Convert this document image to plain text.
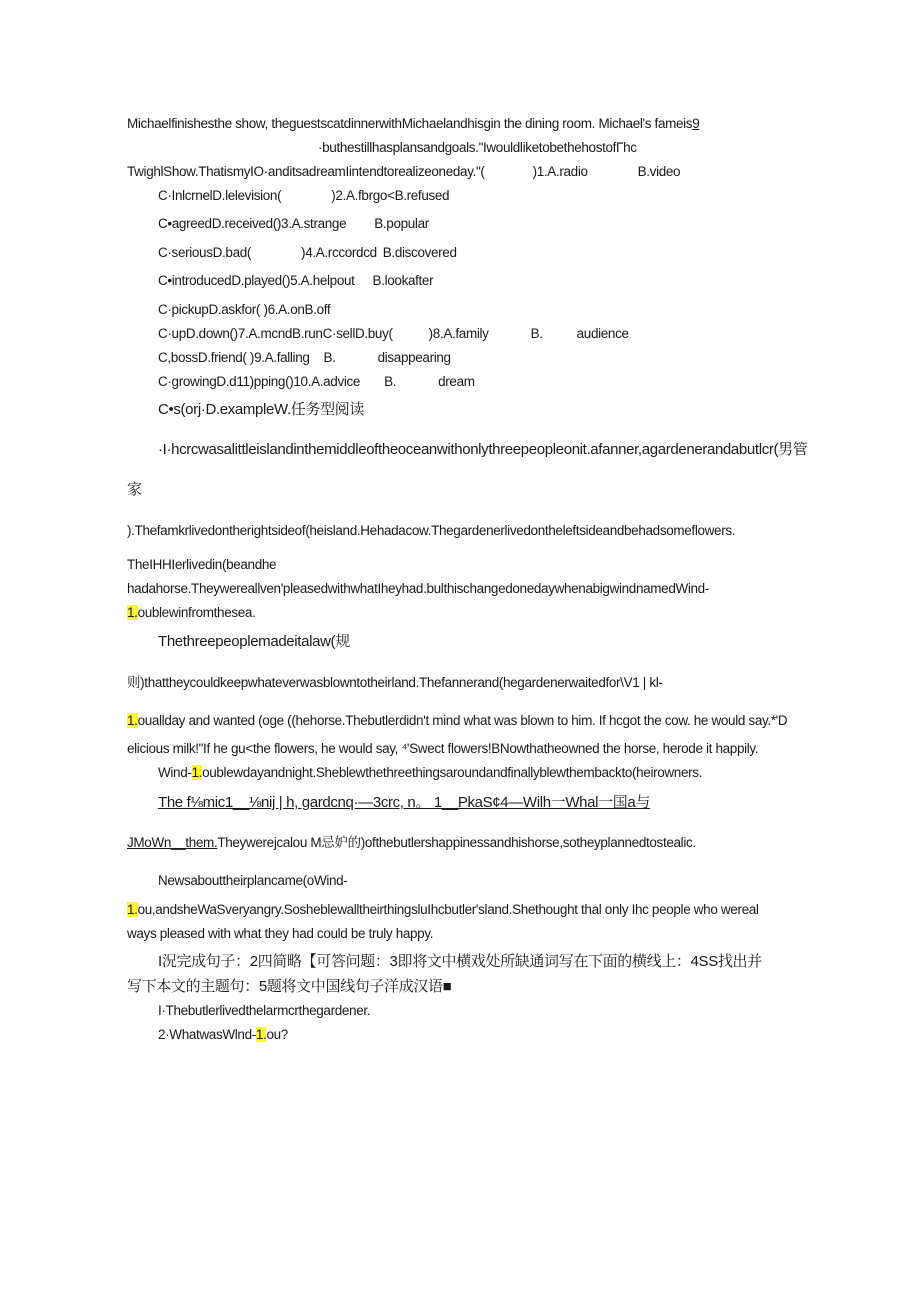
Michaelfinishesthe show, theguestscatdinnerwithMichaelandhisgin the dining room. Michael's fameis9
·buthestillhasplansandgoals."IwouldliketobethehostofΓhc
TwighlShow.ThatismyIO·anditsadreamIintendtorealizeoneday."(	)1.A.radio	B.video
C·InlcrnelD.lelevision(	)2.A.fbrgo<B.refused
C•agreedD.received()3.A.strange B.popular
C·seriousD.bad(	)4.A.rccordcd B.discovered
C•introducedD.played()5.A.helpout B.lookafter
C·pickupD.askfor( )6.A.onB.off
C·upD.down()7.A.mcndB.runC·sellD.buy(	)8.A.family	B.	audience
C,bossD.friend( )9.A.falling B.	disappearing
C·growingD.d11)pping()10.A.advice B.	dream
C•s(orj·D.exampleW.任务型阅读
·I·hcrcwasalittleislandinthemiddleoftheoceanwithonlythreepeopleonit.afanner,agardenerandabutlcr(男管
家
).Thefamkrlivedontherightsideof(heisland.Hehadacow.Thegardenerlivedontheleftsideandbehadsomeflowers.
TheIHHIerlivedin(beandhe
hadahorse.Theywereallven'pleasedwithwhatIheyhad.bulthischangedonedaywhenabigwindnamedWind-
1.oublewinfromthesea.
Thethreepeoplemadeitalaw(规
则)thattheycouldkeepwhateverwasblowntotheirland.Thefannerand(hegardenerwaitedfor\V1 | kl-
1.ouallday and wanted (oge ((hehorse.Thebutlerdidn't mind what was blown to him. If hcgot the cow. he would say.*'D
elicious milk!"If he gu<the flowers, he would say, ⁴'Swect flowers!BNowthatheowned the horse, herode it happily.
Wind-1.oublewdayandnight.Sheblewthethreethingsaroundandfinallyblewthembackto(heirowners.
The f⅛mic1__⅛nij | h, gardcnq·—3crc, n。 1__PkaS¢4—Wilh一Whal一国a与
JMoWn__them.Theywerejcalou M忌妒的)ofthebutlershappinessandhishorse,sotheyplannedtostealic.
Newsabouttheirplancame(oWind-
1.ou,andsheWaSveryangry.SosheblewalltheirthingsluIhcbutler'sland.Shethought thal only Ihc people who wereal
ways pleased with what they had could be truly happy.
I況完成句子：2四简略【可答问题：3即将文中横戏处所缺通词写在下面的横线上：4SS找出并
写下本文的主题句：5题将文中国线句子洋成汉语■
I·Thebutlerlivedthelarmcrthegardener.
2·WhatwasWlnd-1.ou?
